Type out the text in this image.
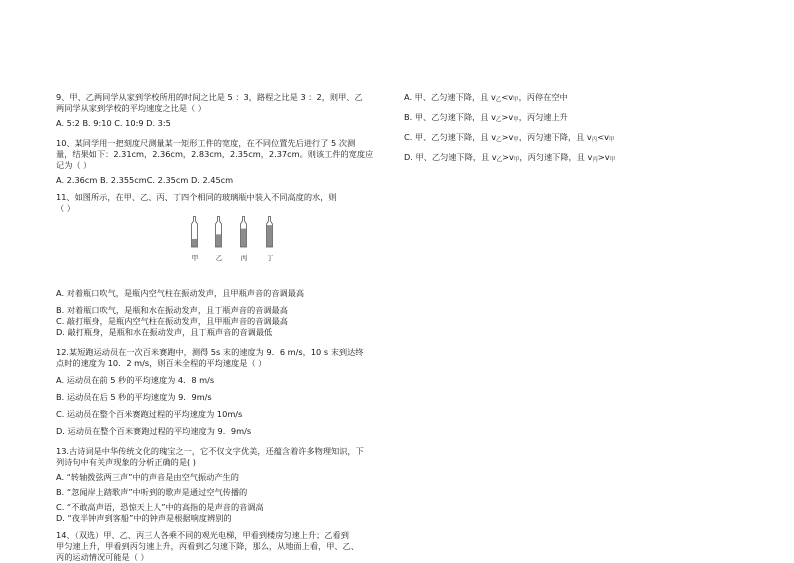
9、甲、乙两同学从家到学校所用的时间之比是 5 ：3，路程之比是 3 ：2，则甲、乙
两同学从家到学校的平均速度之比是（ ）
A. 5:2 B. 9:10 C. 10:9 D. 3:5
10、某同学用一把刻度尺测量某一矩形工件的宽度，在不同位置先后进行了 5 次测
量，结果如下：2.31cm，2.36cm，2.83cm，2.35cm，2.37cm。则该工件的宽度应
记为（ ）
A. 2.36cm B. 2.355cmC. 2.35cm D. 2.45cm
11、如图所示，在甲、乙、丙、丁四个相同的玻璃瓶中装入不同高度的水，则
（ ）
甲	乙	丙	丁
A. 对着瓶口吹气，是瓶内空气柱在振动发声，且甲瓶声音的音调最高
B. 对着瓶口吹气，是瓶和水在振动发声，且丁瓶声音的音调最高
C. 敲打瓶身，是瓶内空气柱在振动发声，且甲瓶声音的音调最高
D. 敲打瓶身，是瓶和水在振动发声，且丁瓶声音的音调最低
12.某短跑运动员在一次百米赛跑中，测得 5s 末的速度为 9．6 m/s，10 s 末到达终
点时的速度为 10．2 m/s，则百米全程的平均速度是（ ）
A. 运动员在前 5 秒的平均速度为 4．8 m/s
B. 运动员在后 5 秒的平均速度为 9．9m/s
C. 运动员在整个百米赛跑过程的平均速度为 10m/s
D. 运动员在整个百米赛跑过程的平均速度为 9．9m/s
13.古诗词是中华传统文化的瑰宝之一，它不仅文字优美，还蕴含着许多物理知识，下
列诗句中有关声现象的分析正确的是( )
A. “转轴拨弦两三声”中的声音是由空气振动产生的
B. “忽闻岸上踏歌声”中听到的歌声是通过空气传播的
C. “不敢高声语，恐惊天上人”中的高指的是声音的音调高
D. “夜半钟声到客船”中的钟声是根据响度辨别的
14、（双选）甲、乙、丙三人各乘不同的观光电梯，甲看到楼房匀速上升；乙看到
甲匀速上升，甲看到丙匀速上升，丙看到乙匀速下降，那么，从地面上看，甲、乙、
丙的运动情况可能是（ ）
A. 甲、乙匀速下降，且 v乙<v甲，丙停在空中
B. 甲、乙匀速下降，且 v乙>v甲，丙匀速上升
C. 甲、乙匀速下降，且 v乙>v甲，丙匀速下降，且 v丙<v甲
D. 甲、乙匀速下降，且 v乙>v甲，丙匀速下降，且 v丙>v甲
